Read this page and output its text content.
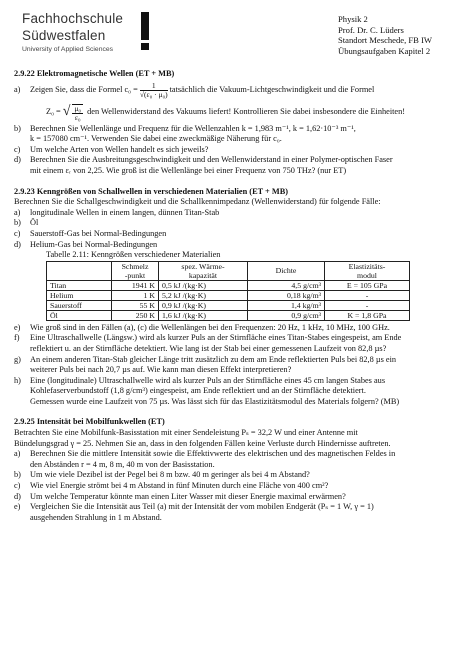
Fachhochschule
Südwestfalen
University of Applied Sciences
Physik 2
Prof. Dr. C. Lüders
Standort Meschede, FB IW
Übungsaufgaben Kapitel 2
2.9.22 Elektromagnetische Wellen (ET + MB)
a)	Zeigen Sie, dass die Formel
$c_0 = \frac{1}{\text{√(ε₀ · μ₀)}}$ tatsächlich die Vakuum-Lichtgeschwindigkeit und die Formel
Z₀ = √ $\frac{\text{μ₀}}{\text{ε₀}}$
den Wellenwiderstand des Vakuums liefert! Kontrollieren Sie dabei insbesondere die Einheiten!
b)	Berechnen Sie Wellenlänge und Frequenz für die Wellenzahlen k = 1,983 m⁻¹, k = 1,62·10⁻³ m⁻¹,
k = 157080 cm⁻¹. Verwenden Sie dabei eine zweckmäßige Näherung für c₀.
c)	Um welche Arten von Wellen handelt es sich jeweils?
d)	Berechnen Sie die Ausbreitungsgeschwindigkeit und den Wellenwiderstand in einer Polymer-optischen Faser
mit einem εᵣ von 2,25. Wie groß ist die Wellenlänge bei einer Frequenz von 750 THz? (nur ET)
2.9.23 Kenngrößen von Schallwellen in verschiedenen Materialien (ET + MB)
Berechnen Sie die Schallgeschwindigkeit und die Schallkennimpedanz (Wellenwiderstand) für folgende Fälle:
a)	longitudinale Wellen in einem langen, dünnen Titan-Stab
b)	Öl
c)	Sauerstoff-Gas bei Normal-Bedingungen
d)	Helium-Gas bei Normal-Bedingungen
Tabelle 2.11: Kenngrößen verschiedener Materialien
	Schmelz
-punkt	spez. Wärme-
kapazität	Dichte	Elastizitäts-
modul
Titan	1941 K	0,5 kJ /(kg·K)	4,5 g/cm³	E = 105 GPa
Helium	1 K	5,2 kJ /(kg·K)	0,18 kg/m³	-
Sauerstoff	55 K	0,9 kJ /(kg·K)	1,4 kg/m³	-
Öl	250 K	1,6 kJ /(kg·K)	0,9 g/cm³	K = 1,8 GPa
e)	Wie groß sind in den Fällen (a), (c) die Wellenlängen bei den Frequenzen: 20 Hz, 1 kHz, 10 MHz, 100 GHz.
f)	Eine Ultraschallwelle (Längsw.) wird als kurzer Puls an der Stirnfläche eines Titan-Stabes eingespeist, am Ende
reflektiert u. an der Stirnfläche detektiert. Wie lang ist der Stab bei einer gemessenen Laufzeit von 82,8 µs?
g)	An einem anderen Titan-Stab gleicher Länge tritt zusätzlich zu dem am Ende reflektierten Puls bei 82,8 µs ein
weiterer Puls bei nach 20,7 µs auf. Wie kann man diesen Effekt interpretieren?
h)	Eine (longitudinale) Ultraschallwelle wird als kurzer Puls an der Stirnfläche eines 45 cm langen Stabes aus
Kohlefaserverbundstoff (1,8 g/cm³) eingespeist, am Ende reflektiert und an der Stirnfläche detektiert.
Gemessen wurde eine Laufzeit von 75 µs. Was lässt sich für das Elastizitätsmodul des Materials folgern? (MB)
2.9.25 Intensität bei Mobilfunkwellen (ET)
Betrachten Sie eine Mobilfunk-Basisstation mit einer Sendeleistung Pₛ = 32,2 W und einer Antenne mit
Bündelungsgrad γ = 25. Nehmen Sie an, dass in den folgenden Fällen keine Verluste durch Hindernisse auftreten.
a)	Berechnen Sie die mittlere Intensität sowie die Effektivwerte des elektrischen und des magnetischen Feldes in
den Abständen r = 4 m, 8 m, 40 m von der Basisstation.
b)	Um wie viele Dezibel ist der Pegel bei 8 m bzw. 40 m geringer als bei 4 m Abstand?
c)	Wie viel Energie strömt bei 4 m Abstand in fünf Minuten durch eine Fläche von 400 cm²?
d)	Um welche Temperatur könnte man einen Liter Wasser mit dieser Energie maximal erwärmen?
e)	Vergleichen Sie die Intensität aus Teil (a) mit der Intensität der vom mobilen Endgerät (Pₛ = 1 W, γ = 1)
ausgehenden Strahlung in 1 m Abstand.
